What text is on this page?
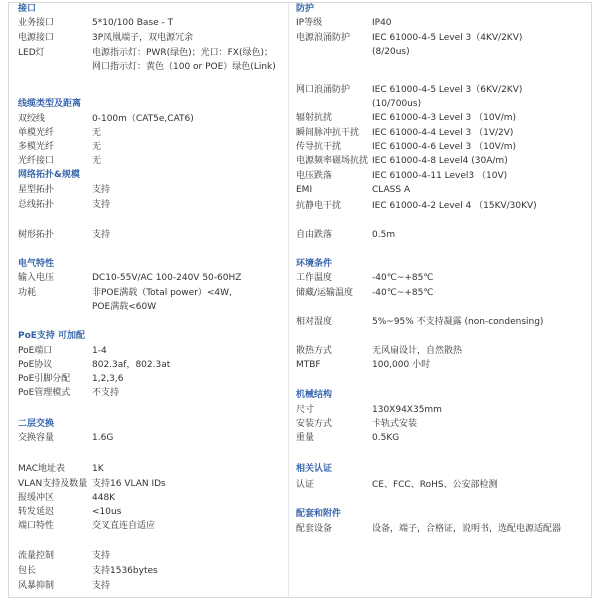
接口
业务接口	5*10/100 Base - T
电源接口	3P凤凰端子，双电源冗余
LED灯	电源指示灯：PWR(绿色)；光口：FX(绿色)；
网口指示灯：黄色（100 or POE）绿色(Link)
线缆类型及距离
双绞线	0-100m（CAT5e,CAT6)
单模光纤	无
多模光纤	无
光纤接口	无
网络拓扑&规模
星型拓扑	支持
总线拓扑	支持
树形拓扑	支持
电气特性
输入电压	DC10-55V/AC 100-240V 50-60HZ
功耗	非POE满载（Total power）<4W,
POE满载<60W
PoE支持 可加配
PoE端口	1-4
PoE协议	802.3af，802.3at
PoE引脚分配 1,2,3,6
PoE管理模式 不支持
二层交换
交换容量	1.6G
MAC地址表	1K
VLAN支持及数量 支持16 VLAN IDs
报缓冲区	448K
转发延迟	<10us
端口特性	交叉直连自适应
流量控制	支持
包长	支持1536bytes
风暴抑制	支持
防护
IP等级	IP40
电源浪涌防护 IEC 61000-4-5 Level 3（4KV/2KV)
(8/20us)
网口浪涌防护 IEC 61000-4-5 Level 3（6KV/2KV)
(10/700us)
辐射抗扰	IEC 61000-4-3 Level 3 （10V/m)
瞬间脉冲抗干扰 IEC 61000-4-4 Level 3 （1V/2V)
传导抗干扰	IEC 61000-4-6 Level 3 （10V/m)
电源频率磁场抗扰 IEC 61000-4-8 Level4 (30A/m)
电压跌落	IEC 61000-4-11 Level3 （10V)
EMI	CLASS A
抗静电干扰	IEC 61000-4-2 Level 4 （15KV/30KV)
自由跌落	0.5m
环境条件
工作温度	-40℃~+85℃
储藏/运输温度 -40℃~+85℃
相对湿度	5%~95% 不支持凝露 (non-condensing)
散热方式	无风扇设计，自然散热
MTBF	100,000 小时
机械结构
尺寸	130X94X35mm
安装方式	卡轨式安装
重量	0.5KG
相关认证
认证	CE、FCC、RoHS、公安部检测
配套和附件
配套设备	设备，端子，合格证，说明书，选配电源适配器
